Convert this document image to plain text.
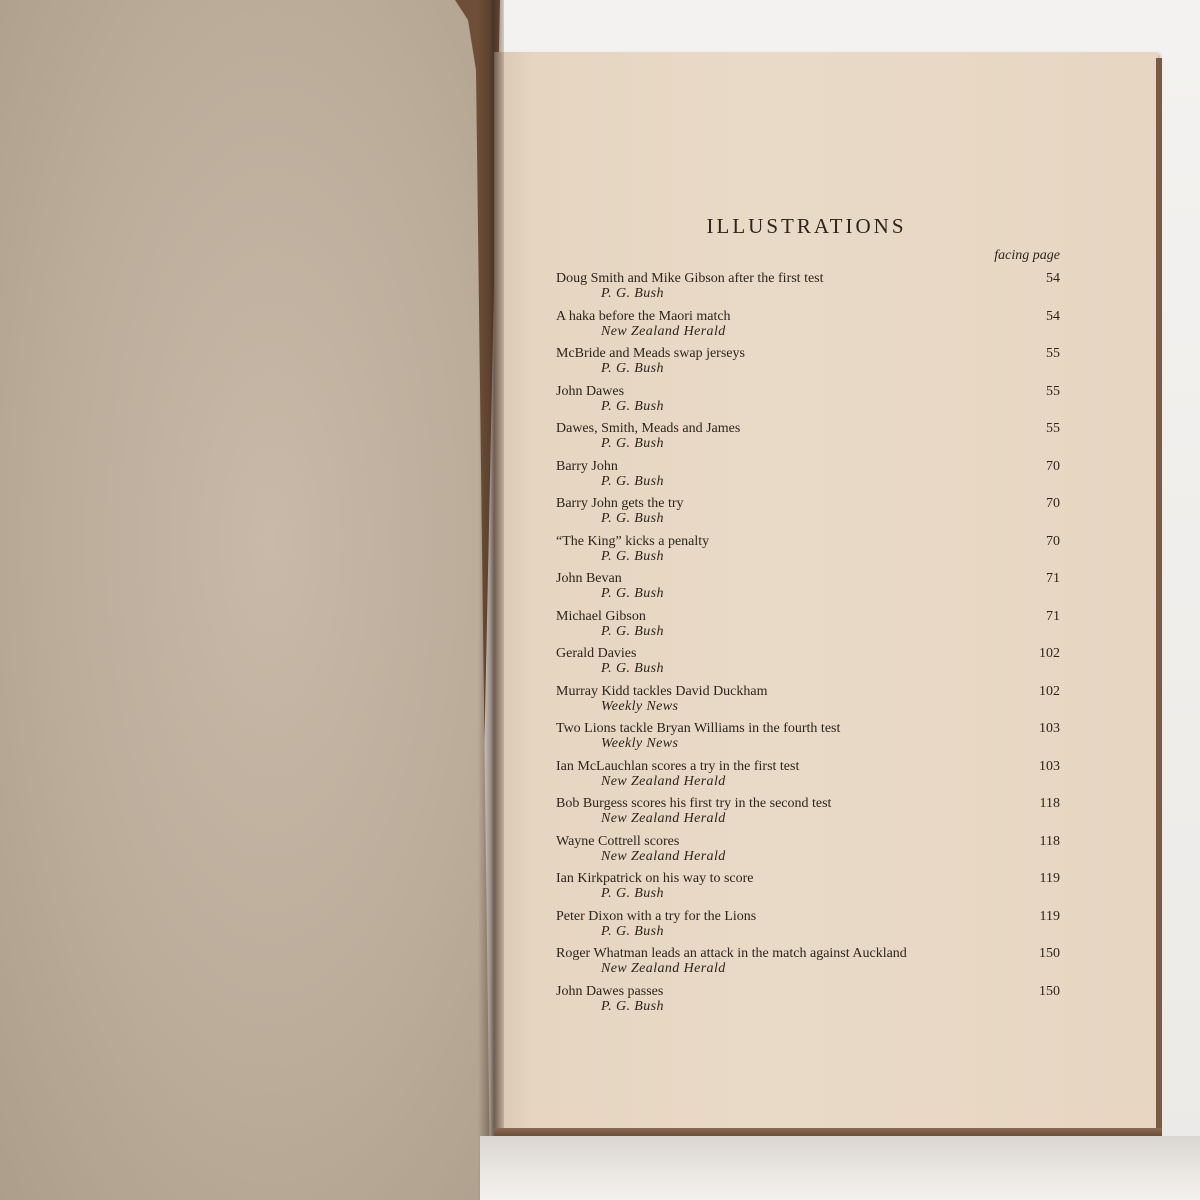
ILLUSTRATIONS
facing page
Doug Smith and Mike Gibson after the first test
P. G. Bush
54
A haka before the Maori match
New Zealand Herald
54
McBride and Meads swap jerseys
P. G. Bush
55
John Dawes
P. G. Bush
55
Dawes, Smith, Meads and James
P. G. Bush
55
Barry John
P. G. Bush
70
Barry John gets the try
P. G. Bush
70
“The King” kicks a penalty
P. G. Bush
70
John Bevan
P. G. Bush
71
Michael Gibson
P. G. Bush
71
Gerald Davies
P. G. Bush
102
Murray Kidd tackles David Duckham
Weekly News
102
Two Lions tackle Bryan Williams in the fourth test
Weekly News
103
Ian McLauchlan scores a try in the first test
New Zealand Herald
103
Bob Burgess scores his first try in the second test
New Zealand Herald
118
Wayne Cottrell scores
New Zealand Herald
118
Ian Kirkpatrick on his way to score
P. G. Bush
119
Peter Dixon with a try for the Lions
P. G. Bush
119
Roger Whatman leads an attack in the match against Auckland
New Zealand Herald
150
John Dawes passes
P. G. Bush
150
